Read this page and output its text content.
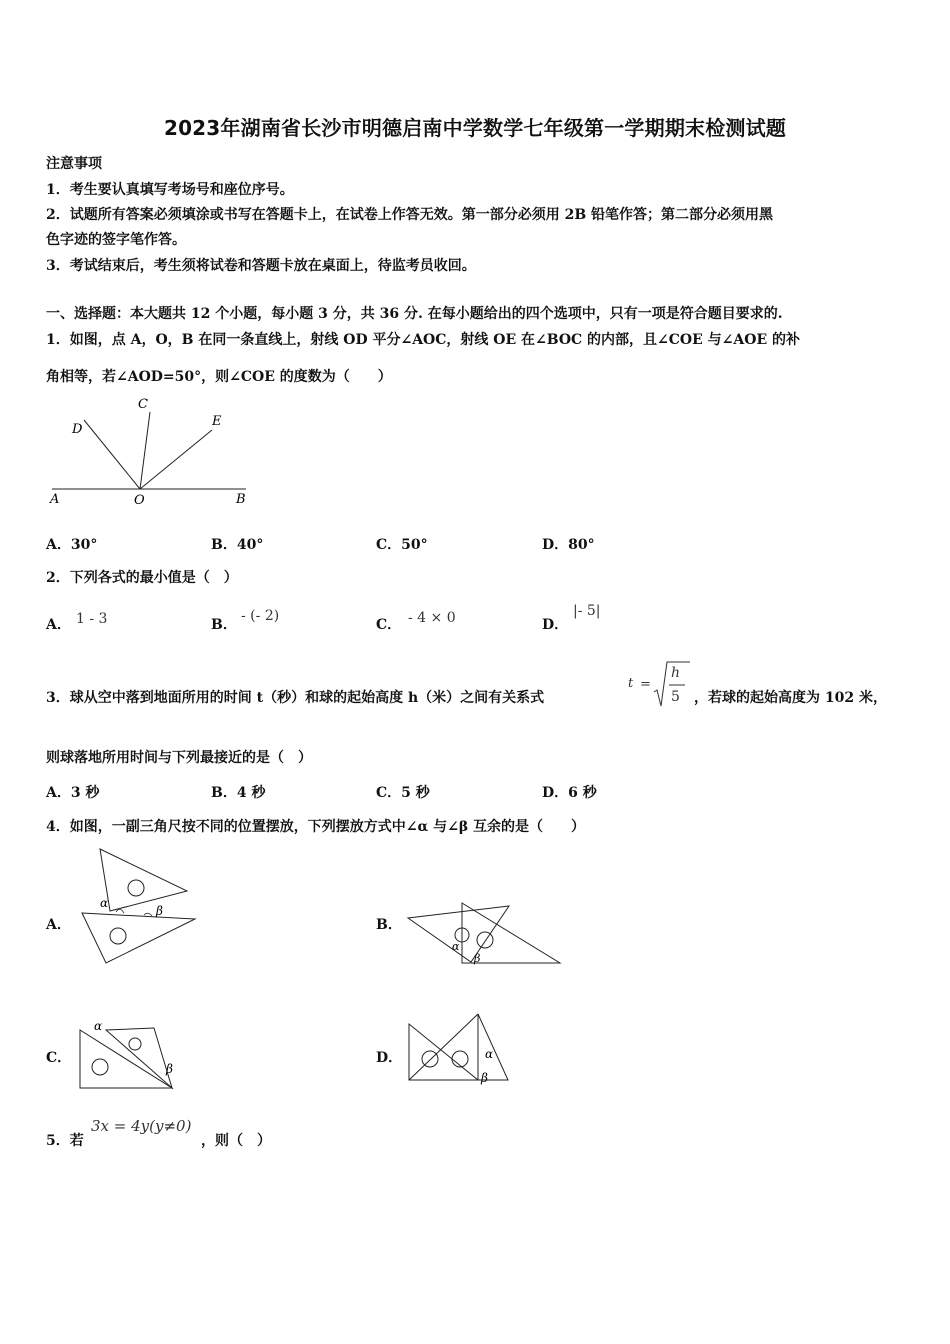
2023年湖南省长沙市明德启南中学数学七年级第一学期期末检测试题
注意事项
1．考生要认真填写考场号和座位序号。
2．试题所有答案必须填涂或书写在答题卡上，在试卷上作答无效。第一部分必须用 2B 铅笔作答；第二部分必须用黑
色字迹的签字笔作答。
3．考试结束后，考生须将试卷和答题卡放在桌面上，待监考员收回。
一、选择题：本大题共 12 个小题，每小题 3 分，共 36 分. 在每小题给出的四个选项中，只有一项是符合题目要求的.
1．如图，点 A，O，B 在同一条直线上，射线 OD 平分∠AOC，射线 OE 在∠BOC 的内部，且∠COE 与∠AOE 的补
角相等，若∠AOD=50°，则∠COE 的度数为（　　）
A	O	B
C
D
E
A．30°	B．40°	C．50°	D．80°
2．下列各式的最小值是（　）
A． 1 - 3	B．
- (- 2)
C． - 4 × 0	D．
|- 5|
3．球从空中落到地面所用的时间 t（秒）和球的起始高度 h（米）之间有关系式
t =
h
5 ，若球的起始高度为 102 米，
则球落地所用时间与下列最接近的是（　）
A．3 秒	B．4 秒	C．5 秒	D．6 秒
4．如图，一副三角尺按不同的位置摆放，下列摆放方式中∠α 与∠β 互余的是（　　）
A．
α
β
B．
α
β
C．
α
β
D．	α
β
5．若
3x = 4y(y≠0)
，则（　）
